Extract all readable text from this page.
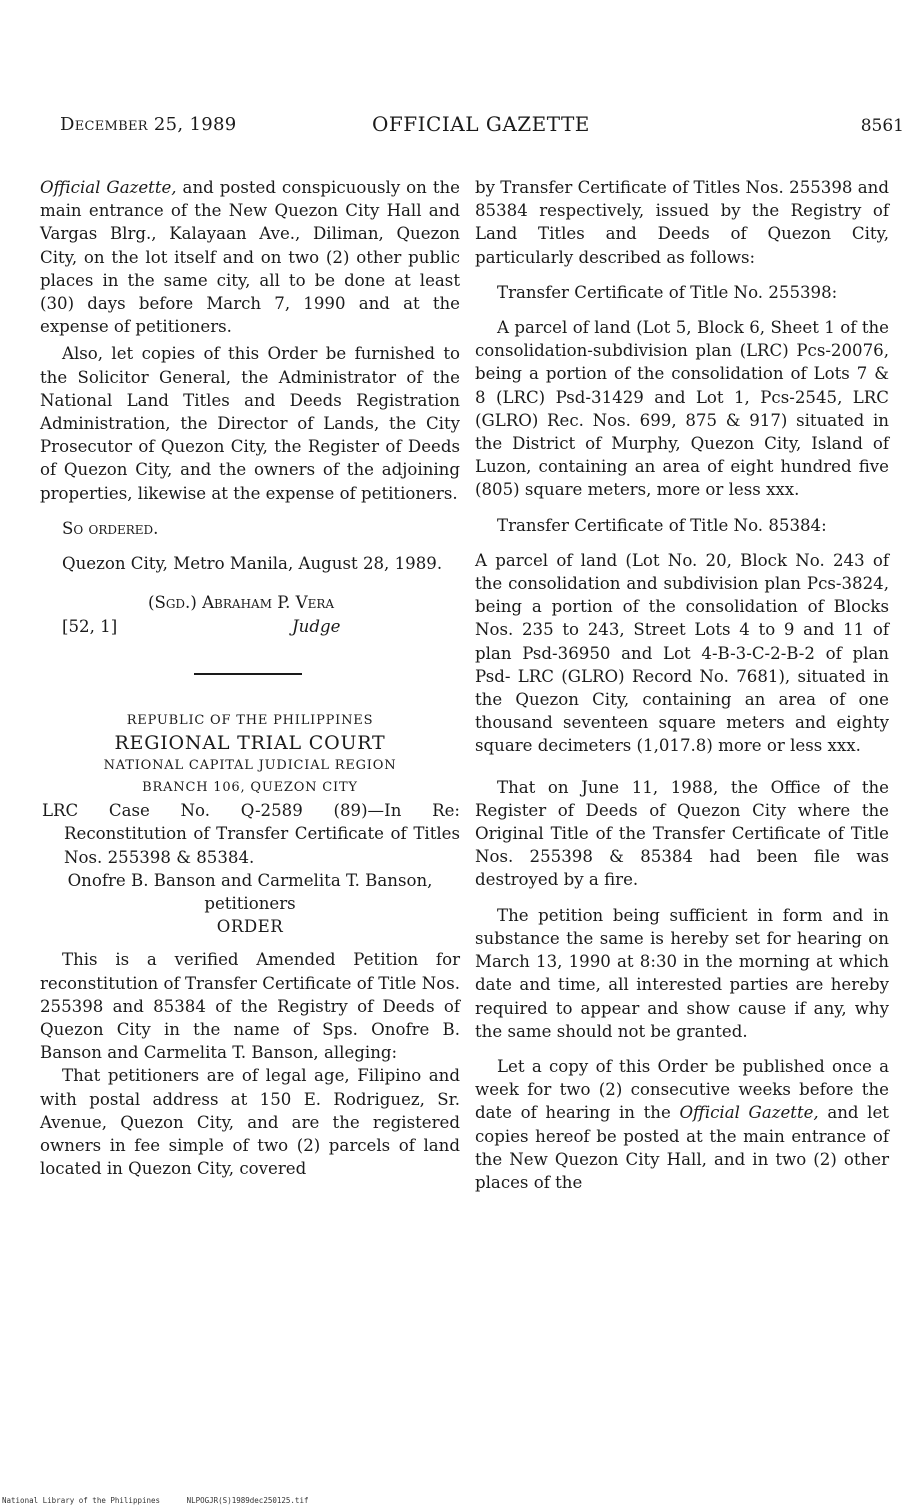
December 25, 1989	OFFICIAL GAZETTE	8561

Official Gazette, and posted conspicuously on the main entrance of the New Quezon City Hall and Vargas Blrg., Kalayaan Ave., Diliman, Quezon City, on the lot itself and on two (2) other public places in the same city, all to be done at least (30) days before March 7, 1990 and at the expense of petitioners.

Also, let copies of this Order be furnished to the Solicitor General, the Administrator of the National Land Titles and Deeds Registration Administration, the Director of Lands, the City Prosecutor of Quezon City, the Register of Deeds of Quezon City, and the owners of the adjoining properties, likewise at the expense of petitioners.

So ordered.

Quezon City, Metro Manila, August 28, 1989.

(Sgd.) Abraham P. Vera
[52, 1]	Judge
REPUBLIC OF THE PHILIPPINES
REGIONAL TRIAL COURT
NATIONAL CAPITAL JUDICIAL REGION
BRANCH 106, QUEZON CITY

LRC Case No. Q-2589 (89)—In Re: Reconstitution of Transfer Certificate of Titles Nos. 255398 & 85384.

Onofre B. Banson and Carmelita T. Banson, petitioners

ORDER

This is a verified Amended Petition for reconstitution of Transfer Certificate of Title Nos. 255398 and 85384 of the Registry of Deeds of Quezon City in the name of Sps. Onofre B. Banson and Carmelita T. Banson, alleging:

That petitioners are of legal age, Filipino and with postal address at 150 E. Rodriguez, Sr. Avenue, Quezon City, and are the registered owners in fee simple of two (2) parcels of land located in Quezon City, covered

by Transfer Certificate of Titles Nos. 255398 and 85384 respectively, issued by the Registry of Land Titles and Deeds of Quezon City, particularly described as follows:

Transfer Certificate of Title No. 255398:

A parcel of land (Lot 5, Block 6, Sheet 1 of the consolidation-subdivision plan (LRC) Pcs-20076, being a portion of the consolidation of Lots 7 & 8 (LRC) Psd-31429 and Lot 1, Pcs-2545, LRC (GLRO) Rec. Nos. 699, 875 & 917) situated in the District of Murphy, Quezon City, Island of Luzon, containing an area of eight hundred five (805) square meters, more or less xxx.

Transfer Certificate of Title No. 85384:

A parcel of land (Lot No. 20, Block No. 243 of the consolidation and subdivision plan Pcs-3824, being a portion of the consolidation of Blocks Nos. 235 to 243, Street Lots 4 to 9 and 11 of plan Psd-36950 and Lot 4-B-3-C-2-B-2 of plan Psd- LRC (GLRO) Record No. 7681), situated in the Quezon City, containing an area of one thousand seventeen square meters and eighty square decimeters (1,017.8) more or less xxx.

That on June 11, 1988, the Office of the Register of Deeds of Quezon City where the Original Title of the Transfer Certificate of Title Nos. 255398 & 85384 had been file was destroyed by a fire.

The petition being sufficient in form and in substance the same is hereby set for hearing on March 13, 1990 at 8:30 in the morning at which date and time, all interested parties are hereby required to appear and show cause if any, why the same should not be granted.

Let a copy of this Order be published once a week for two (2) consecutive weeks before the date of hearing in the Official Gazette, and let copies hereof be posted at the main entrance of the New Quezon City Hall, and in two (2) other places of the

National Library of the Philippines	NLPOGJR(S)1989dec250125.tif
